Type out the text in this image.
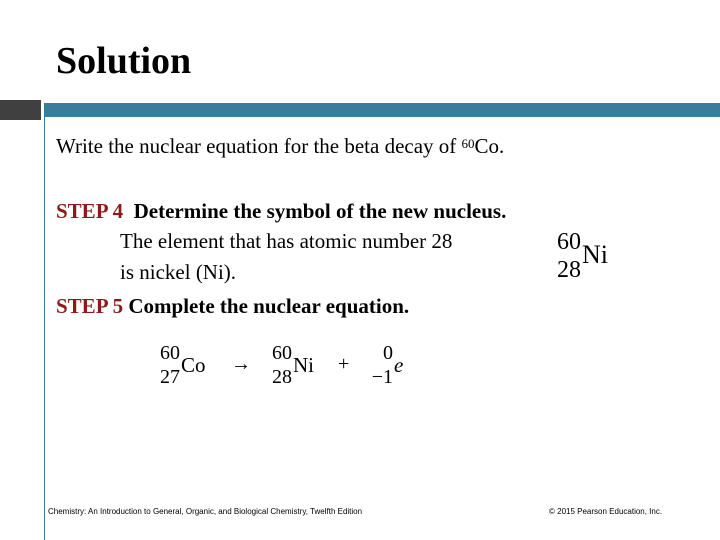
Solution
Write the nuclear equation for the beta decay of $^{60}$Co.
STEP 4 Determine the symbol of the new nucleus.
The element that has atomic number 28
is nickel (Ni).
60
28
Ni
STEP 5 Complete the nuclear equation.
60
27 Co → 60
28 Ni + 0
−1 e
Chemistry: An Introduction to General, Organic, and Biological Chemistry, Twelfth Edition	© 2015 Pearson Education, Inc.
